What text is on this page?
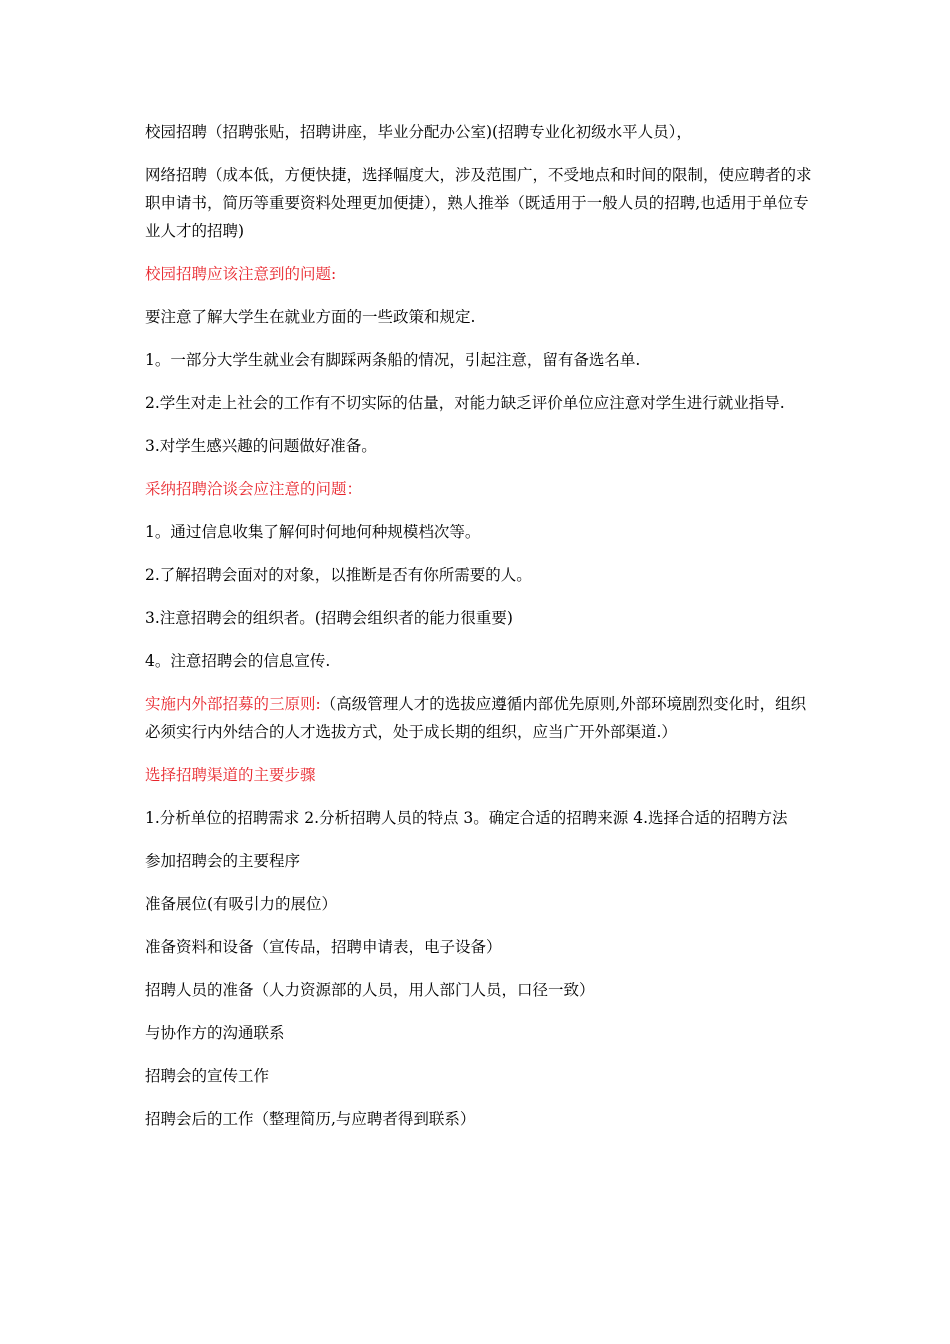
校园招聘（招聘张贴，招聘讲座，毕业分配办公室)(招聘专业化初级水平人员），

网络招聘（成本低，方便快捷，选择幅度大，涉及范围广，不受地点和时间的限制，使应聘者的求职申请书，简历等重要资料处理更加便捷），熟人推举（既适用于一般人员的招聘,也适用于单位专业人才的招聘)

校园招聘应该注意到的问题:

要注意了解大学生在就业方面的一些政策和规定.

1。一部分大学生就业会有脚踩两条船的情况，引起注意，留有备选名单.

2.学生对走上社会的工作有不切实际的估量，对能力缺乏评价单位应注意对学生进行就业指导.

3.对学生感兴趣的问题做好准备。

采纳招聘洽谈会应注意的问题：

1。通过信息收集了解何时何地何种规模档次等。

2.了解招聘会面对的对象，以推断是否有你所需要的人。

3.注意招聘会的组织者。(招聘会组织者的能力很重要)

4。注意招聘会的信息宣传.

实施内外部招募的三原则:（高级管理人才的选拔应遵循内部优先原则,外部环境剧烈变化时，组织必须实行内外结合的人才选拔方式，处于成长期的组织，应当广开外部渠道.）

选择招聘渠道的主要步骤

1.分析单位的招聘需求 2.分析招聘人员的特点 3。确定合适的招聘来源 4.选择合适的招聘方法

参加招聘会的主要程序

准备展位(有吸引力的展位）

准备资料和设备（宣传品，招聘申请表，电子设备）

招聘人员的准备（人力资源部的人员，用人部门人员，口径一致）

与协作方的沟通联系

招聘会的宣传工作

招聘会后的工作（整理简历,与应聘者得到联系）
